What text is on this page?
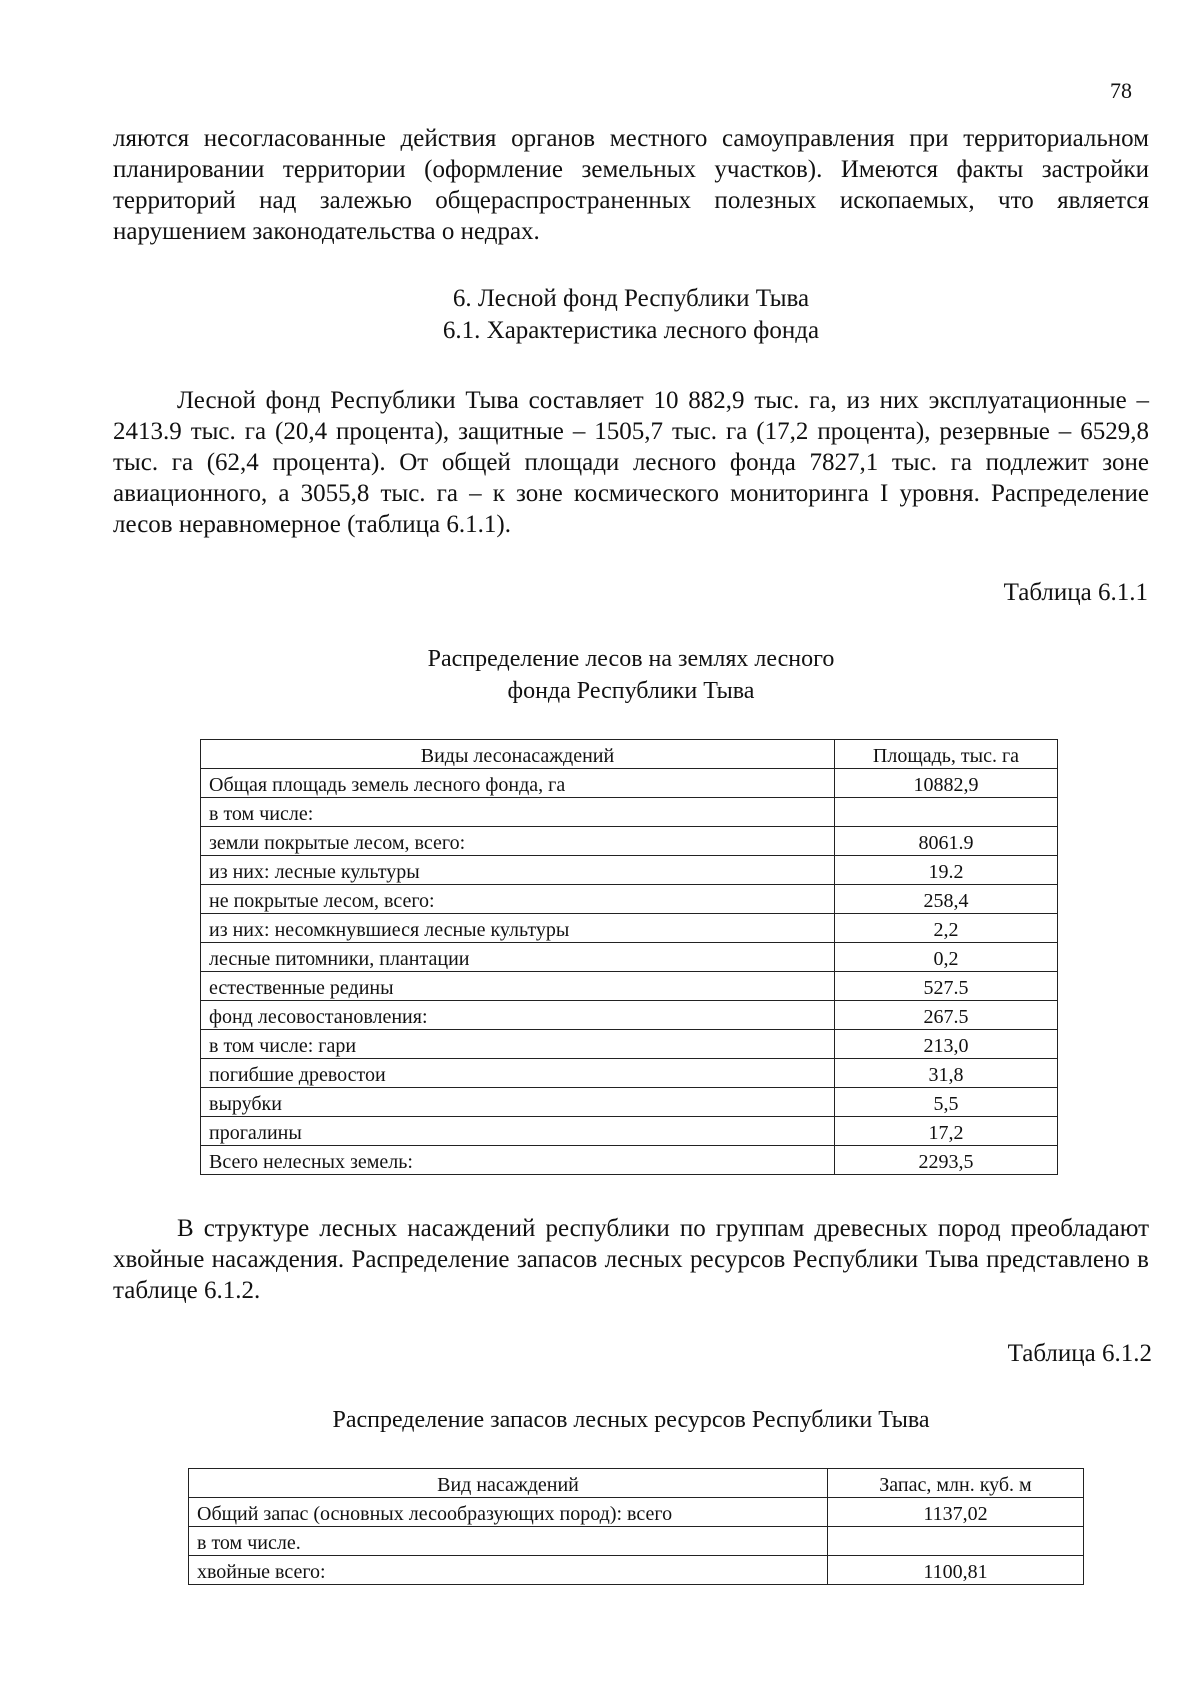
78

ляются несогласованные действия органов местного самоуправления при территориальном планировании территории (оформление земельных участков). Имеются факты застройки территорий над залежью общераспространенных полезных ископаемых, что является нарушением законодательства о недрах.

6. Лесной фонд Республики Тыва
6.1. Характеристика лесного фонда

Лесной фонд Республики Тыва составляет 10 882,9 тыс. га, из них эксплуатационные – 2413.9 тыс. га (20,4 процента), защитные – 1505,7 тыс. га (17,2 процента), резервные – 6529,8 тыс. га (62,4 процента). От общей площади лесного фонда 7827,1 тыс. га подлежит зоне авиационного, а 3055,8 тыс. га – к зоне космического мониторинга I уровня. Распределение лесов неравномерное (таблица 6.1.1).

Таблица 6.1.1
Распределение лесов на землях лесного
фонда Республики Тыва
Виды лесонасаждений	Площадь, тыс. га
Общая площадь земель лесного фонда, га	10882,9
в том числе:	
земли покрытые лесом, всего:	8061.9
из них: лесные культуры	19.2
не покрытые лесом, всего:	258,4
из них: несомкнувшиеся лесные культуры	2,2
лесные питомники, плантации	0,2
естественные редины	527.5
фонд лесовостановления:	267.5
в том числе: гари	213,0
погибшие древостои	31,8
вырубки	5,5
прогалины	17,2
Всего нелесных земель:	2293,5

В структуре лесных насаждений республики по группам древесных пород преобладают хвойные насаждения. Распределение запасов лесных ресурсов Республики Тыва представлено в таблице 6.1.2.

Таблица 6.1.2
Распределение запасов лесных ресурсов Республики Тыва
Вид насаждений	Запас, млн. куб. м
Общий запас (основных лесообразующих пород): всего	1137,02
в том числе.	
хвойные всего:	1100,81
